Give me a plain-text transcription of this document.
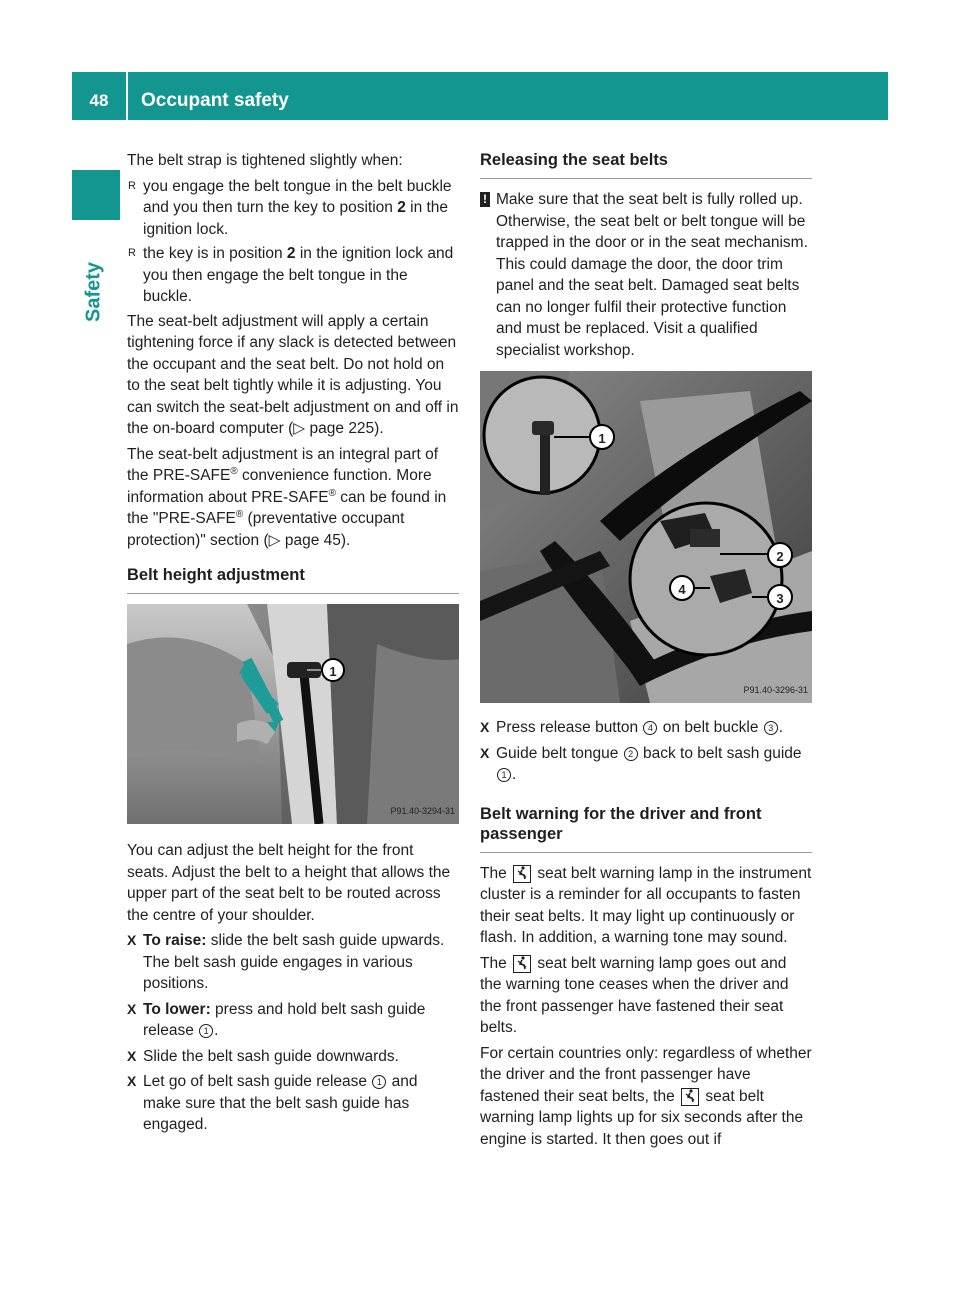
48	Occupant safety
Safety

The belt strap is tightened slightly when:

R you engage the belt tongue in the belt buckle and you then turn the key to position 2 in the ignition lock.
R the key is in position 2 in the ignition lock and you then engage the belt tongue in the buckle.

The seat-belt adjustment will apply a certain tightening force if any slack is detected between the occupant and the seat belt. Do not hold on to the seat belt tightly while it is adjusting. You can switch the seat-belt adjustment on and off in the on-board computer (▷ page 225).

The seat-belt adjustment is an integral part of the PRE-SAFE® convenience function. More information about PRE-SAFE® can be found in the "PRE-SAFE® (preventative occupant protection)" section (▷ page 45).

Belt height adjustment
1
P91.40-3294-31

You can adjust the belt height for the front seats. Adjust the belt to a height that allows the upper part of the seat belt to be routed across the centre of your shoulder.

X To raise: slide the belt sash guide upwards. The belt sash guide engages in various positions.
X To lower: press and hold belt sash guide release 1 .
X Slide the belt sash guide downwards.
X Let go of belt sash guide release 1 and make sure that the belt sash guide has engaged.
Releasing the seat belts
! Make sure that the seat belt is fully rolled up. Otherwise, the seat belt or belt tongue will be trapped in the door or in the seat mechanism. This could damage the door, the door trim panel and the seat belt. Damaged seat belts can no longer fulfil their protective function and must be replaced. Visit a qualified specialist workshop.
1
2
3
4
P91.40-3296-31
X Press release button 4 on belt buckle 3 .
X Guide belt tongue 2 back to belt sash guide 1 .
Belt warning for the driver and front passenger

The  seat belt warning lamp in the instrument cluster is a reminder for all occupants to fasten their seat belts. It may light up continuously or flash. In addition, a warning tone may sound.

The  seat belt warning lamp goes out and the warning tone ceases when the driver and the front passenger have fastened their seat belts.

For certain countries only: regardless of whether the driver and the front passenger have fastened their seat belts, the  seat belt warning lamp lights up for six seconds after the engine is started. It then goes out if
